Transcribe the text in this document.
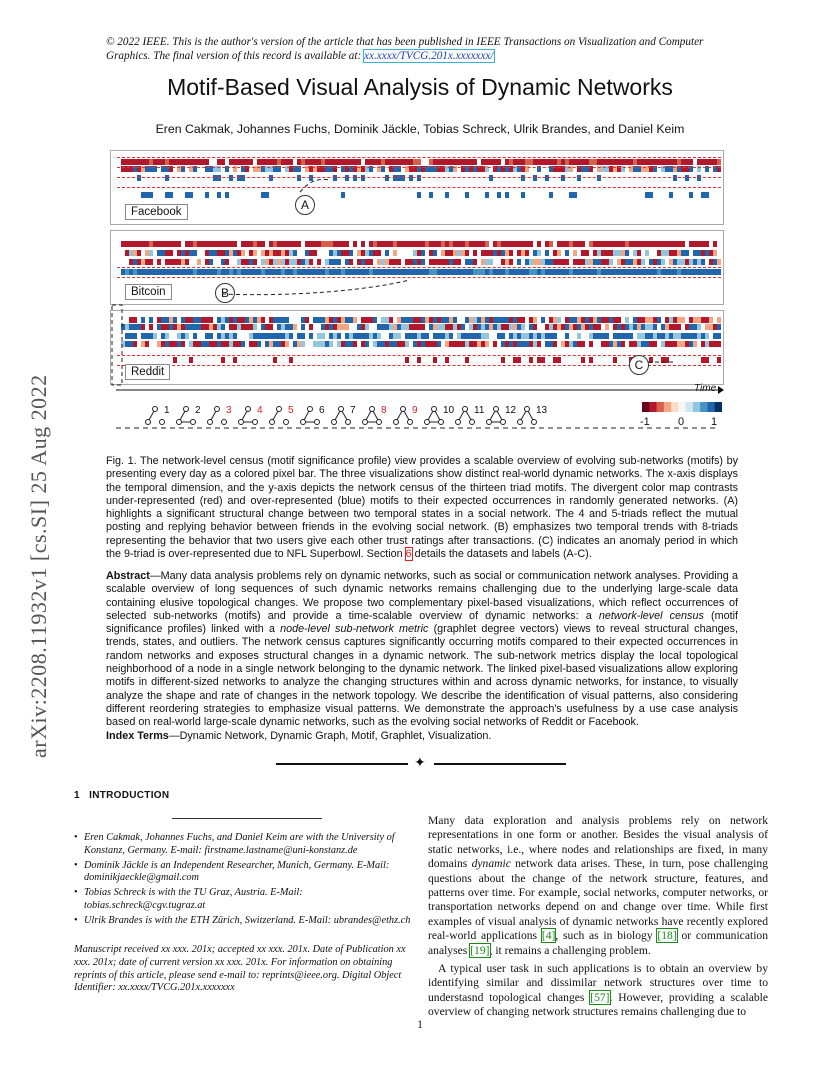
© 2022 IEEE. This is the author's version of the article that has been published in IEEE Transactions on Visualization and Computer Graphics. The final version of this record is available at: xx.xxxx/TVCG.201x.xxxxxxx/
Motif-Based Visual Analysis of Dynamic Networks
Eren Cakmak, Johannes Fuchs, Dominik Jäckle, Tobias Schreck, Ulrik Brandes, and Daniel Keim
arXiv:2208.11932v1 [cs.SI] 25 Aug 2022
A
Facebook
B
Bitcoin
C
Reddit
Time
1	2	3	4	5	6	7	8	9	10 11 12 13
-1	0 1
Fig. 1. The network-level census (motif significance profile) view provides a scalable overview of evolving sub-networks (motifs) by presenting every day as a colored pixel bar. The three visualizations show distinct real-world dynamic networks. The x-axis displays the temporal dimension, and the y-axis depicts the network census of the thirteen triad motifs. The divergent color map contrasts under-represented (red) and over-represented (blue) motifs to their expected occurrences in randomly generated networks. (A) highlights a significant structural change between two temporal states in a social network. The 4 and 5-triads reflect the mutual posting and replying behavior between friends in the evolving social network. (B) emphasizes two temporal trends with 8-triads representing the behavior that two users give each other trust ratings after transactions. (C) indicates an anomaly period in which the 9-triad is over-represented due to NFL Superbowl. Section 6 details the datasets and labels (A-C).
Abstract—Many data analysis problems rely on dynamic networks, such as social or communication network analyses. Providing a scalable overview of long sequences of such dynamic networks remains challenging due to the underlying large-scale data containing elusive topological changes. We propose two complementary pixel-based visualizations, which reflect occurrences of selected sub-networks (motifs) and provide a time-scalable overview of dynamic networks: a network-level census (motif significance profiles) linked with a node-level sub-network metric (graphlet degree vectors) views to reveal structural changes, trends, states, and outliers. The network census captures significantly occurring motifs compared to their expected occurrences in random networks and exposes structural changes in a dynamic network. The sub-network metrics display the local topological neighborhood of a node in a single network belonging to the dynamic network. The linked pixel-based visualizations allow exploring motifs in different-sized networks to analyze the changing structures within and across dynamic networks, for instance, to visually analyze the shape and rate of changes in the network topology. We describe the identification of visual patterns, also considering different reordering strategies to emphasize visual patterns. We demonstrate the approach's usefulness by a use case analysis based on real-world large-scale dynamic networks, such as the evolving social networks of Reddit or Facebook.
Index Terms—Dynamic Network, Dynamic Graph, Motif, Graphlet, Visualization.
✦
1 INTRODUCTION
• Eren Cakmak, Johannes Fuchs, and Daniel Keim are with the University of Konstanz, Germany. E-mail: firstname.lastname@uni-konstanz.de
• Dominik Jäckle is an Independent Researcher, Munich, Germany. E-Mail: dominikjaeckle@gmail.com
• Tobias Schreck is with the TU Graz, Austria. E-Mail: tobias.schreck@cgv.tugraz.at
• Ulrik Brandes is with the ETH Zürich, Switzerland. E-Mail: ubrandes@ethz.ch
Manuscript received xx xxx. 201x; accepted xx xxx. 201x. Date of Publication xx xxx. 201x; date of current version xx xxx. 201x. For information on obtaining reprints of this article, please send e-mail to: reprints@ieee.org. Digital Object Identifier: xx.xxxx/TVCG.201x.xxxxxxx

Many data exploration and analysis problems rely on network representations in one form or another. Besides the visual analysis of static networks, i.e., where nodes and relationships are fixed, in many domains dynamic network data arises. These, in turn, pose challenging questions about the change of the network structure, features, and patterns over time. For example, social networks, computer networks, or transportation networks depend on and change over time. While first examples of visual analysis of dynamic networks have recently explored real-world applications [4], such as in biology [18] or communication analyses [19], it remains a challenging problem.

A typical user task in such applications is to obtain an overview by identifying similar and dissimilar network structures over time to understasnd topological changes [57]. However, providing a scalable overview of changing network structures remains challenging due to

1
